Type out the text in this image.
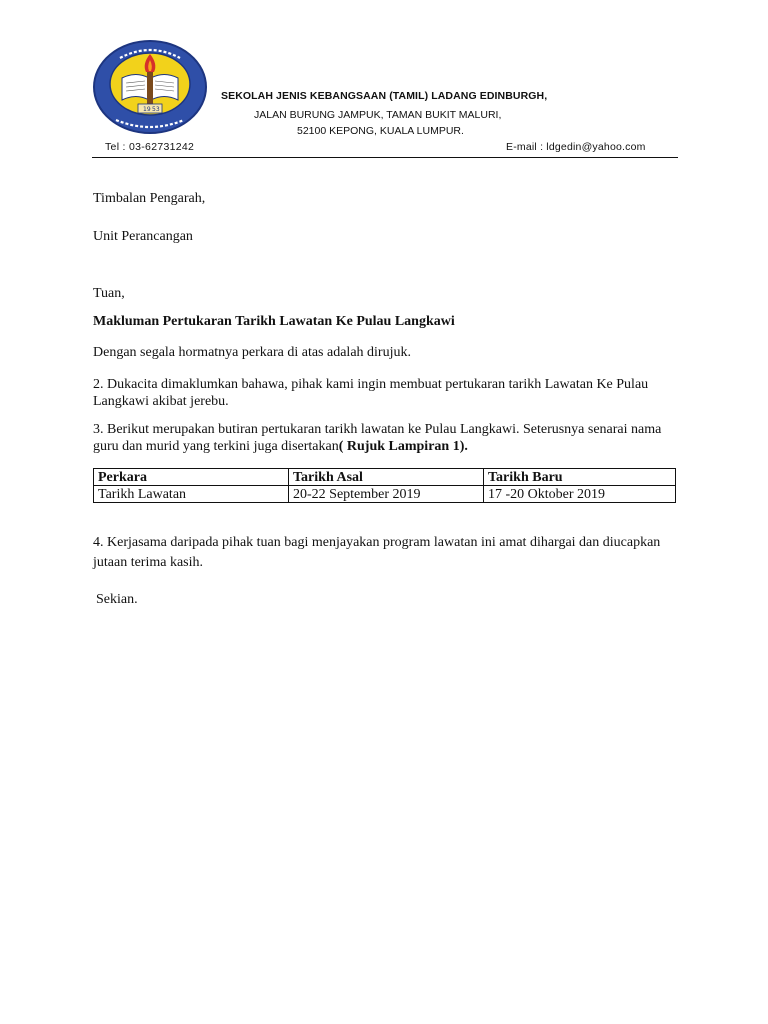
19 53
SEKOLAH JENIS KEBANGSAAN (TAMIL) LADANG EDINBURGH,
JALAN BURUNG JAMPUK, TAMAN BUKIT MALURI,
52100 KEPONG, KUALA LUMPUR.
Tel : 03-62731242	E-mail : ldgedin@yahoo.com
Timbalan Pengarah,
Unit Perancangan
Tuan,
Makluman Pertukaran Tarikh Lawatan Ke Pulau Langkawi
Dengan segala hormatnya perkara di atas adalah dirujuk.
2. Dukacita dimaklumkan bahawa, pihak kami ingin membuat pertukaran tarikh Lawatan Ke Pulau Langkawi akibat jerebu.
3. Berikut merupakan butiran pertukaran tarikh lawatan ke Pulau Langkawi. Seterusnya senarai nama guru dan murid yang terkini juga disertakan( Rujuk Lampiran 1).
Perkara	Tarikh Asal	Tarikh Baru
Tarikh Lawatan	20-22 September 2019	17 -20 Oktober 2019
4. Kerjasama daripada pihak tuan bagi menjayakan program lawatan ini amat dihargai dan diucapkan jutaan terima kasih.
Sekian.
